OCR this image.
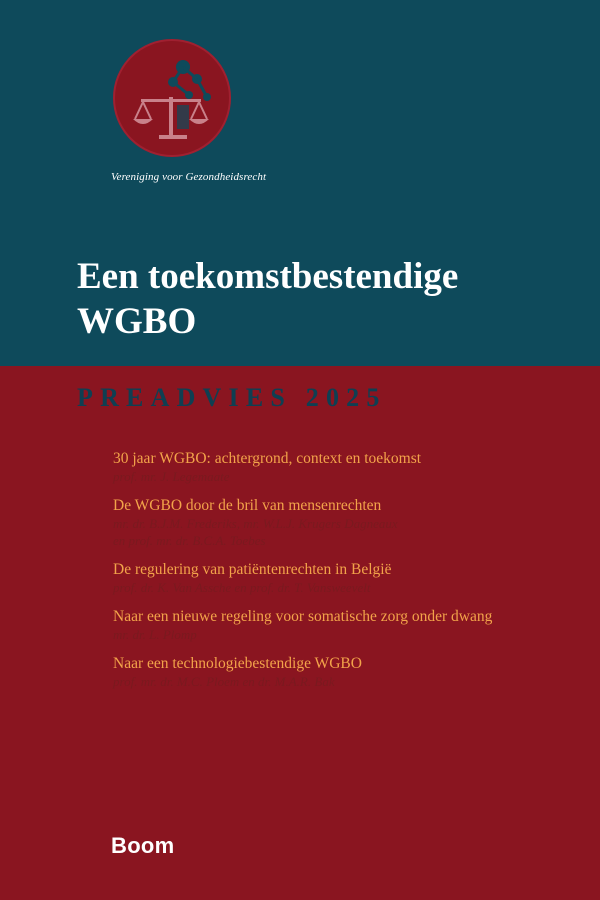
Vereniging voor Gezondheidsrecht
Een toekomstbestendige
WGBO
PREADVIES 2025
30 jaar WGBO: achtergrond, context en toekomst
prof. mr. J. Legemaate
De WGBO door de bril van mensenrechten
mr. dr. B.J.M. Frederiks, mr. W.L.J. Krugers Dagneaux
en prof. mr. dr. B.C.A. Toebes
De regulering van patiëntenrechten in België
prof. dr. K. Van Assche en prof. dr. T. Vansweevelt
Naar een nieuwe regeling voor somatische zorg onder dwang
mr. dr. L. Plomp
Naar een technologiebestendige WGBO
prof. mr. dr. M.C. Ploem en dr. M.A.R. Bak
Boom
